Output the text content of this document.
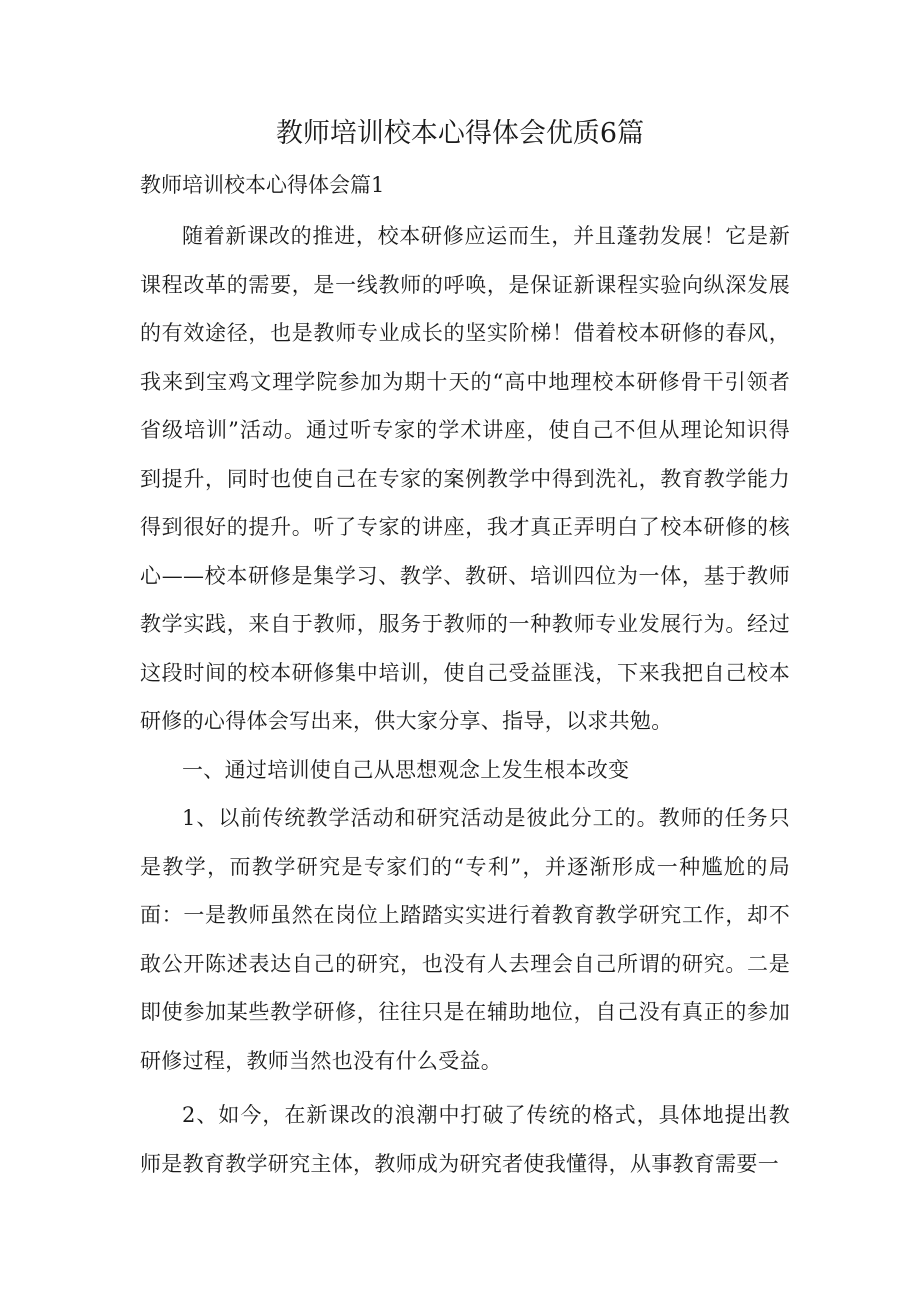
教师培训校本心得体会优质6篇
教师培训校本心得体会篇1

随着新课改的推进，校本研修应运而生，并且蓬勃发展！它是新课程改革的需要，是一线教师的呼唤，是保证新课程实验向纵深发展的有效途径，也是教师专业成长的坚实阶梯！借着校本研修的春风，我来到宝鸡文理学院参加为期十天的“高中地理校本研修骨干引领者省级培训”活动。通过听专家的学术讲座，使自己不但从理论知识得到提升，同时也使自己在专家的案例教学中得到洗礼，教育教学能力得到很好的提升。听了专家的讲座，我才真正弄明白了校本研修的核心——校本研修是集学习、教学、教研、培训四位为一体，基于教师教学实践，来自于教师，服务于教师的一种教师专业发展行为。经过这段时间的校本研修集中培训，使自己受益匪浅，下来我把自己校本研修的心得体会写出来，供大家分享、指导，以求共勉。

一、通过培训使自己从思想观念上发生根本改变

1、以前传统教学活动和研究活动是彼此分工的。教师的任务只是教学，而教学研究是专家们的“专利”，并逐渐形成一种尴尬的局面：一是教师虽然在岗位上踏踏实实进行着教育教学研究工作，却不敢公开陈述表达自己的研究，也没有人去理会自己所谓的研究。二是即使参加某些教学研修，往往只是在辅助地位，自己没有真正的参加研修过程，教师当然也没有什么受益。

2、如今，在新课改的浪潮中打破了传统的格式，具体地提出教师是教育教学研究主体，教师成为研究者使我懂得，从事教育需要一
